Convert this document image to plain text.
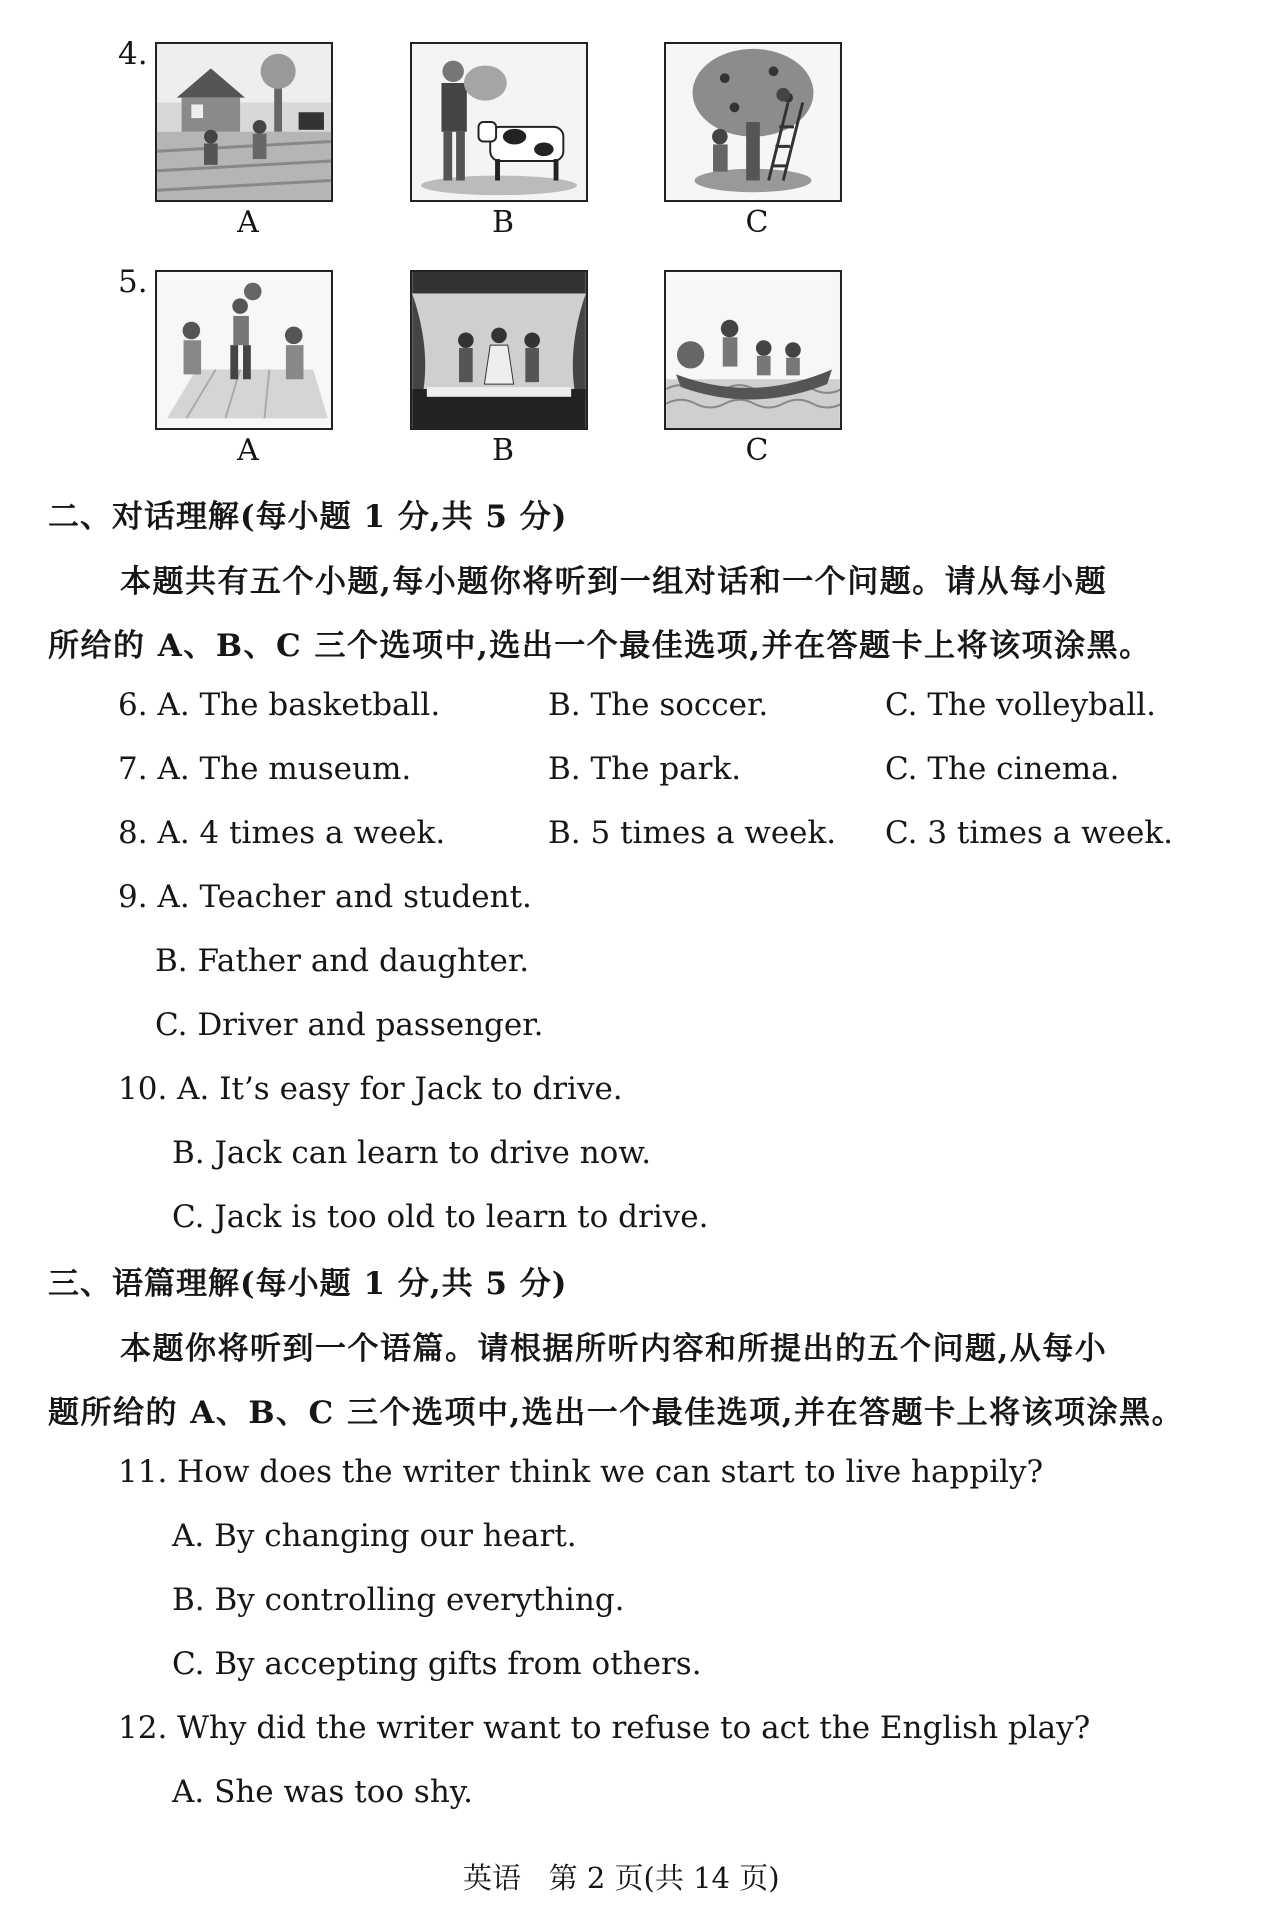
4.
A	B	C
5.
A	B	C
二、对话理解(每小题 1 分,共 5 分)
本题共有五个小题,每小题你将听到一组对话和一个问题。请从每小题
所给的 A、B、C 三个选项中,选出一个最佳选项,并在答题卡上将该项涂黑。
6. A. The basketball.	B. The soccer.	C. The volleyball.
7. A. The museum.	B. The park.	C. The cinema.
8. A. 4 times a week.	B. 5 times a week. C. 3 times a week.
9. A. Teacher and student.
B. Father and daughter.
C. Driver and passenger.
10. A. It’s easy for Jack to drive.
B. Jack can learn to drive now.
C. Jack is too old to learn to drive.
三、语篇理解(每小题 1 分,共 5 分)
本题你将听到一个语篇。请根据所听内容和所提出的五个问题,从每小
题所给的 A、B、C 三个选项中,选出一个最佳选项,并在答题卡上将该项涂黑。
11. How does the writer think we can start to live happily?
A. By changing our heart.
B. By controlling everything.
C. By accepting gifts from others.
12. Why did the writer want to refuse to act the English play?
A. She was too shy.
英语   第 2 页(共 14 页)
